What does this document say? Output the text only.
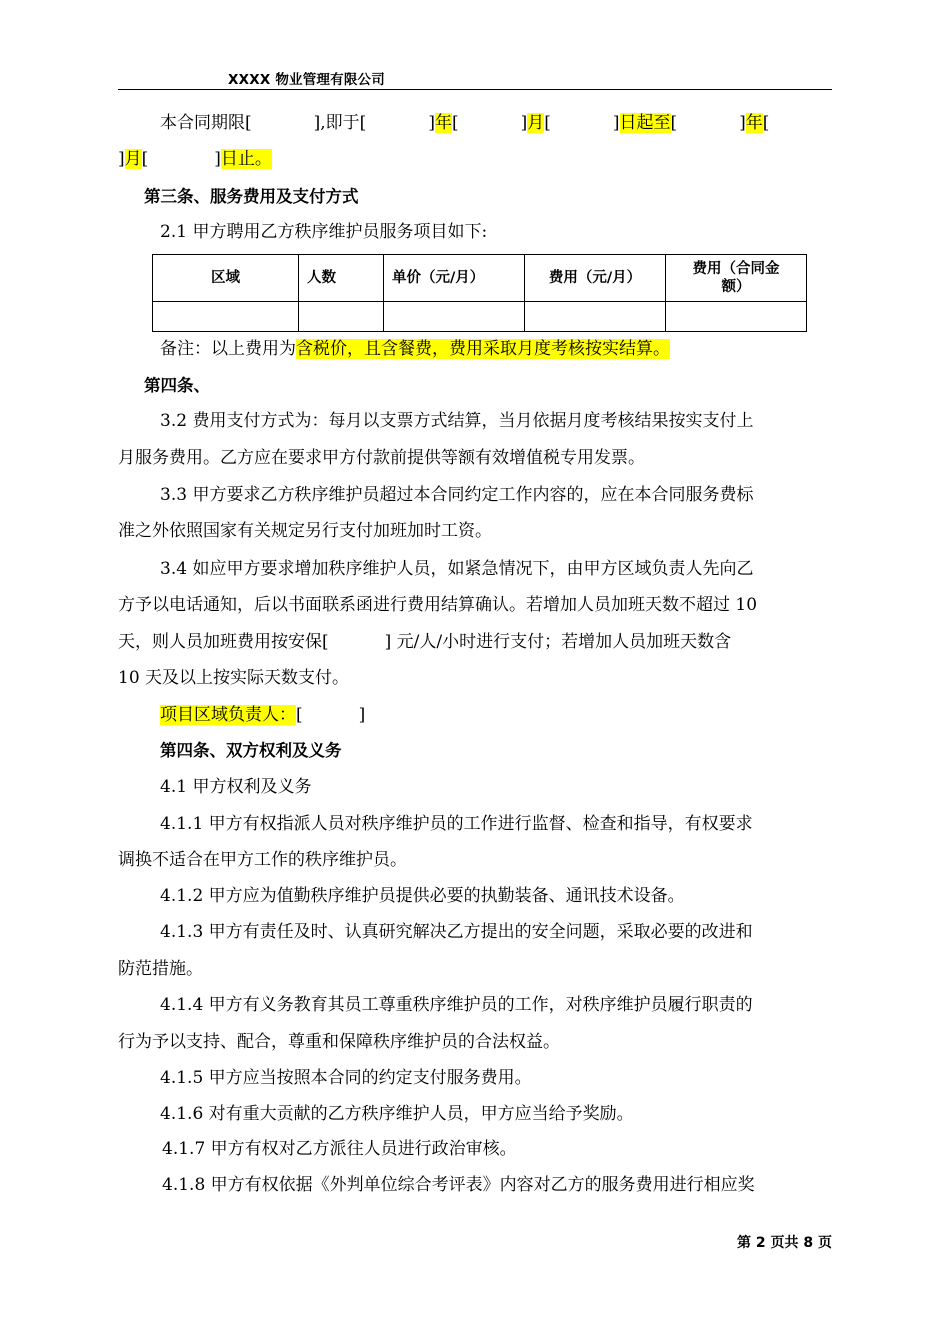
XXXX 物业管理有限公司
本合同期限[	],即于[	]年[	]月[	]日起至[	]年[
]月[	]日止。
第三条、服务费用及支付方式
2.1 甲方聘用乙方秩序维护员服务项目如下:
区域	人数	单价（元/月）	费用（元/月）	费用（合同金
额）

备注：以上费用为含税价，且含餐费，费用采取月度考核按实结算。
第四条、
3.2 费用支付方式为：每月以支票方式结算，当月依据月度考核结果按实支付上
月服务费用。乙方应在要求甲方付款前提供等额有效增值税专用发票。
3.3 甲方要求乙方秩序维护员超过本合同约定工作内容的，应在本合同服务费标
准之外依照国家有关规定另行支付加班加时工资。
3.4 如应甲方要求增加秩序维护人员，如紧急情况下，由甲方区域负责人先向乙
方予以电话通知，后以书面联系函进行费用结算确认。若增加人员加班天数不超过 10
天，则人员加班费用按安保[	] 元/人/小时进行支付；若增加人员加班天数含
10 天及以上按实际天数支付。
项目区域负责人：[	]
第四条、双方权利及义务
4.1 甲方权利及义务
4.1.1 甲方有权指派人员对秩序维护员的工作进行监督、检查和指导，有权要求
调换不适合在甲方工作的秩序维护员。
4.1.2 甲方应为值勤秩序维护员提供必要的执勤装备、通讯技术设备。
4.1.3 甲方有责任及时、认真研究解决乙方提出的安全问题，采取必要的改进和
防范措施。
4.1.4 甲方有义务教育其员工尊重秩序维护员的工作，对秩序维护员履行职责的
行为予以支持、配合，尊重和保障秩序维护员的合法权益。
4.1.5 甲方应当按照本合同的约定支付服务费用。
4.1.6 对有重大贡献的乙方秩序维护人员，甲方应当给予奖励。
4.1.7 甲方有权对乙方派往人员进行政治审核。
4.1.8 甲方有权依据《外判单位综合考评表》内容对乙方的服务费用进行相应奖
第 2 页共 8 页
